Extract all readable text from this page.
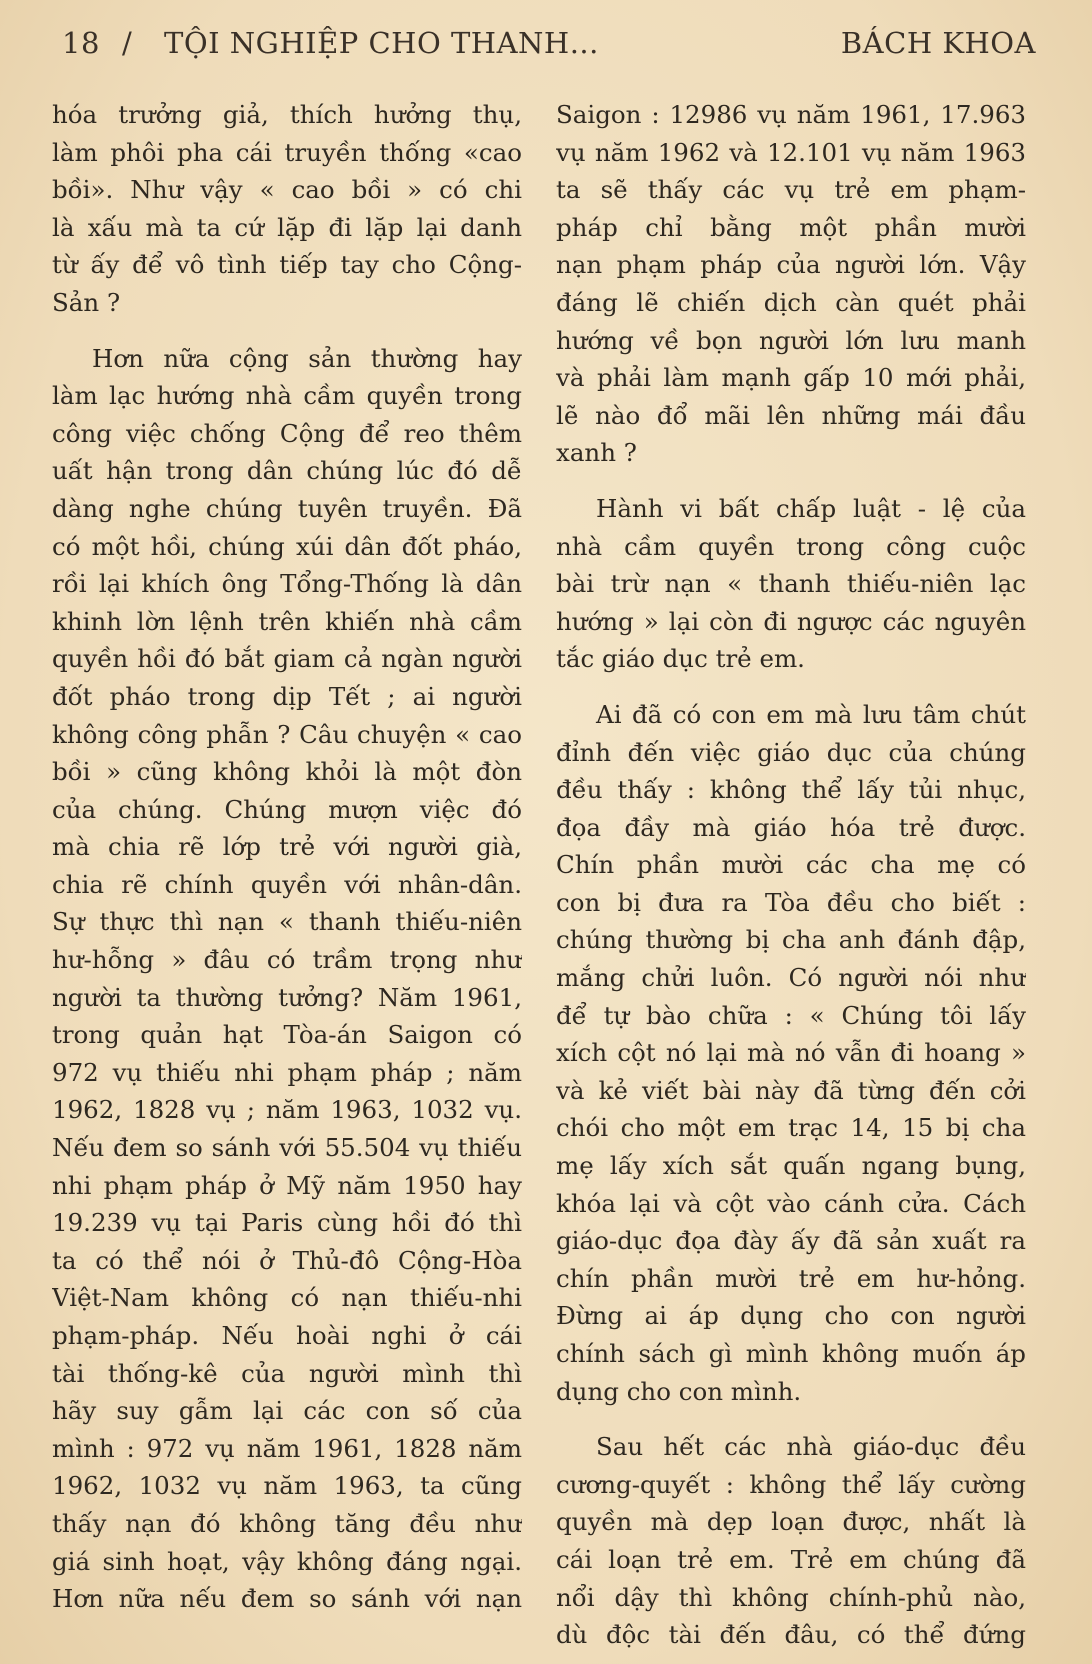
18 / TỘI NGHIỆP CHO THANH...	BÁCH KHOA
hóa trưởng giả, thích hưởng thụ,
làm phôi pha cái truyền thống «cao
bồi». Như vậy « cao bồi » có chi
là xấu mà ta cứ lặp đi lặp lại danh
từ ấy để vô tình tiếp tay cho Cộng-
Sản ?
Hơn nữa cộng sản thường hay
làm lạc hướng nhà cầm quyền trong
công việc chống Cộng để reo thêm
uất hận trong dân chúng lúc đó dễ
dàng nghe chúng tuyên truyền. Đã
có một hồi, chúng xúi dân đốt pháo,
rồi lại khích ông Tổng-Thống là dân
khinh lờn lệnh trên khiến nhà cầm
quyền hồi đó bắt giam cả ngàn người
đốt pháo trong dịp Tết ; ai người
không công phẫn ? Câu chuyện « cao
bồi » cũng không khỏi là một đòn
của chúng. Chúng mượn việc đó
mà chia rẽ lớp trẻ với người già,
chia rẽ chính quyền với nhân-dân.
Sự thực thì nạn « thanh thiếu-niên
hư-hỗng » đâu có trầm trọng như
người ta thường tưởng? Năm 1961,
trong quản hạt Tòa-án Saigon có
972 vụ thiếu nhi phạm pháp ; năm
1962, 1828 vụ ; năm 1963, 1032 vụ.
Nếu đem so sánh với 55.504 vụ thiếu
nhi phạm pháp ở Mỹ năm 1950 hay
19.239 vụ tại Paris cùng hồi đó thì
ta có thể nói ở Thủ-đô Cộng-Hòa
Việt-Nam không có nạn thiếu-nhi
phạm-pháp. Nếu hoài nghi ở cái
tài thống-kê của người mình thì
hãy suy gẫm lại các con số của
mình : 972 vụ năm 1961, 1828 năm
1962, 1032 vụ năm 1963, ta cũng
thấy nạn đó không tăng đều như
giá sinh hoạt, vậy không đáng ngại.
Hơn nữa nếu đem so sánh với nạn
Saigon : 12986 vụ năm 1961, 17.963
vụ năm 1962 và 12.101 vụ năm 1963
ta sẽ thấy các vụ trẻ em phạm-
pháp chỉ bằng một phần mười
nạn phạm pháp của người lớn. Vậy
đáng lẽ chiến dịch càn quét phải
hướng về bọn người lớn lưu manh
và phải làm mạnh gấp 10 mới phải,
lẽ nào đổ mãi lên những mái đầu
xanh ?
Hành vi bất chấp luật - lệ của
nhà cầm quyền trong công cuộc
bài trừ nạn « thanh thiếu-niên lạc
hướng » lại còn đi ngược các nguyên
tắc giáo dục trẻ em.
Ai đã có con em mà lưu tâm chút
đỉnh đến việc giáo dục của chúng
đều thấy : không thể lấy tủi nhục,
đọa đầy mà giáo hóa trẻ được.
Chín phần mười các cha mẹ có
con bị đưa ra Tòa đều cho biết :
chúng thường bị cha anh đánh đập,
mắng chửi luôn. Có người nói như
để tự bào chữa : « Chúng tôi lấy
xích cột nó lại mà nó vẫn đi hoang »
và kẻ viết bài này đã từng đến cởi
chói cho một em trạc 14, 15 bị cha
mẹ lấy xích sắt quấn ngang bụng,
khóa lại và cột vào cánh cửa. Cách
giáo-dục đọa đày ấy đã sản xuất ra
chín phần mười trẻ em hư-hỏng.
Đừng ai áp dụng cho con người
chính sách gì mình không muốn áp
dụng cho con mình.
Sau hết các nhà giáo-dục đều
cương-quyết : không thể lấy cường
quyền mà dẹp loạn được, nhất là
cái loạn trẻ em. Trẻ em chúng đã
nổi dậy thì không chính-phủ nào,
dù độc tài đến đâu, có thể đứng
